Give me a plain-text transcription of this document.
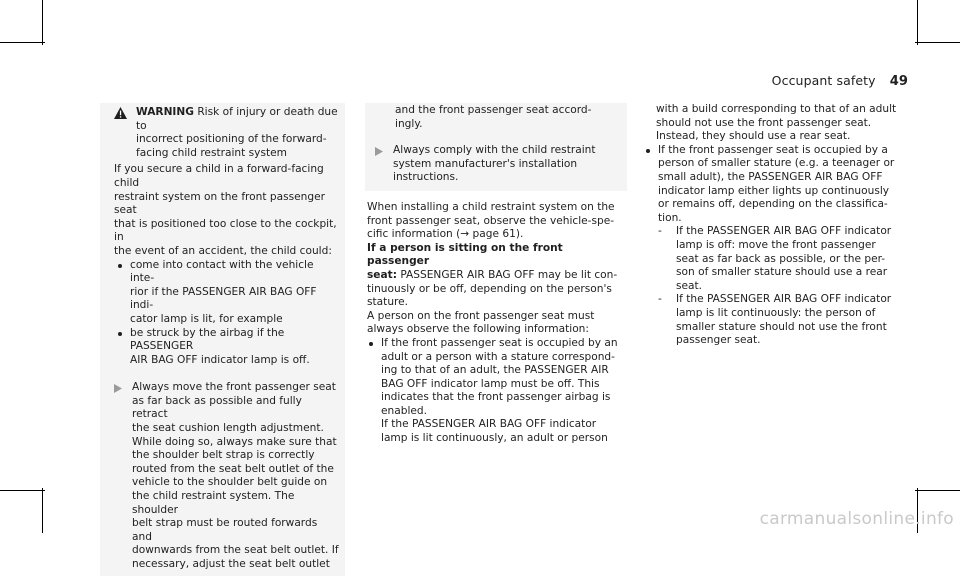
Occupant safety 49
WARNING Risk of injury or death due to
incorrect positioning of the forward-
facing child restraint system
If you secure a child in a forward-facing child
restraint system on the front passenger seat
that is positioned too close to the cockpit, in
the event of an accident, the child could:
come into contact with the vehicle inte-
rior if the PASSENGER AIR BAG OFF indi-
cator lamp is lit, for example
be struck by the airbag if the PASSENGER
AIR BAG OFF indicator lamp is off.
Always move the front passenger seat
as far back as possible and fully retract
the seat cushion length adjustment.
While doing so, always make sure that
the shoulder belt strap is correctly
routed from the seat belt outlet of the
vehicle to the shoulder belt guide on
the child restraint system. The shoulder
belt strap must be routed forwards and
downwards from the seat belt outlet. If
necessary, adjust the seat belt outlet
and the front passenger seat accord-
ingly.
Always comply with the child restraint
system manufacturer's installation
instructions.
When installing a child restraint system on the
front passenger seat, observe the vehicle-spe-
cific information (→ page 61).
If a person is sitting on the front passenger
seat: PASSENGER AIR BAG OFF may be lit con-
tinuously or be off, depending on the person's
stature.
A person on the front passenger seat must
always observe the following information:
If the front passenger seat is occupied by an
adult or a person with a stature correspond-
ing to that of an adult, the PASSENGER AIR
BAG OFF indicator lamp must be off. This
indicates that the front passenger airbag is
enabled.
If the PASSENGER AIR BAG OFF indicator
lamp is lit continuously, an adult or person
with a build corresponding to that of an adult
should not use the front passenger seat.
Instead, they should use a rear seat.
If the front passenger seat is occupied by a
person of smaller stature (e.g. a teenager or
small adult), the PASSENGER AIR BAG OFF
indicator lamp either lights up continuously
or remains off, depending on the classifica-
tion.
-	If the PASSENGER AIR BAG OFF indicator
lamp is off: move the front passenger
seat as far back as possible, or the per-
son of smaller stature should use a rear
seat.
-	If the PASSENGER AIR BAG OFF indicator
lamp is lit continuously: the person of
smaller stature should not use the front
passenger seat.
carmanualsonline.info
